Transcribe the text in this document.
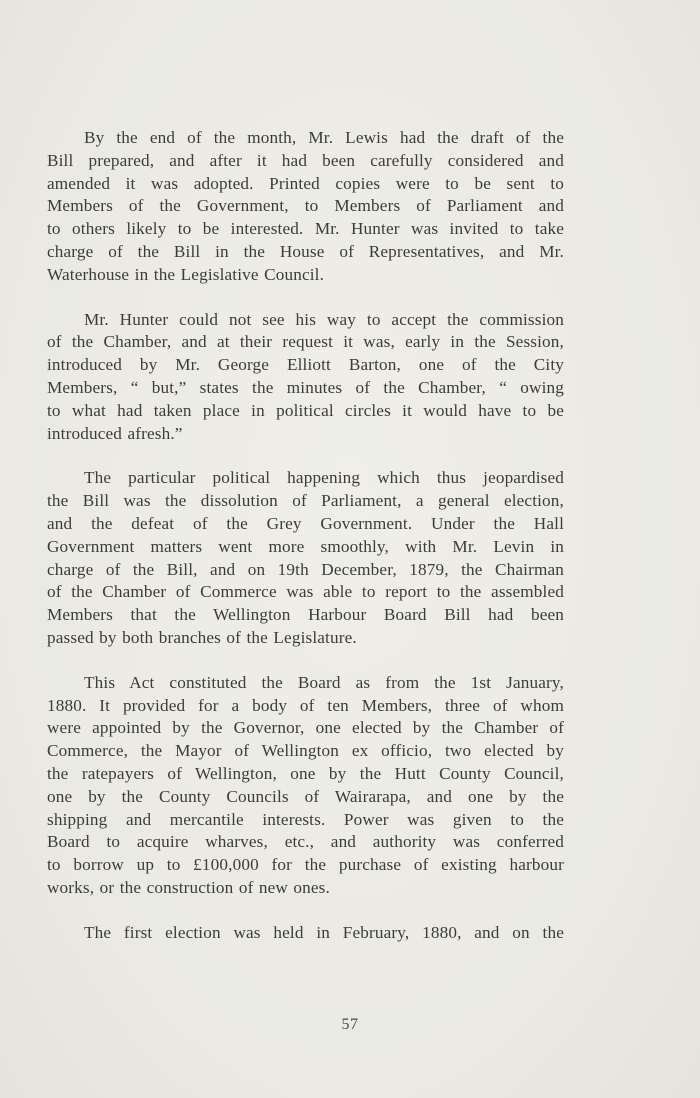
By the end of the month, Mr. Lewis had the draft of the
Bill prepared, and after it had been carefully considered and
amended it was adopted. Printed copies were to be sent to
Members of the Government, to Members of Parliament and
to others likely to be interested. Mr. Hunter was invited to take
charge of the Bill in the House of Representatives, and Mr.
Waterhouse in the Legislative Council.

Mr. Hunter could not see his way to accept the commission
of the Chamber, and at their request it was, early in the Session,
introduced by Mr. George Elliott Barton, one of the City
Members, “ but,” states the minutes of the Chamber, “ owing
to what had taken place in political circles it would have to be
introduced afresh.”

The particular political happening which thus jeopardised
the Bill was the dissolution of Parliament, a general election,
and the defeat of the Grey Government. Under the Hall
Government matters went more smoothly, with Mr. Levin in
charge of the Bill, and on 19th December, 1879, the Chairman
of the Chamber of Commerce was able to report to the assembled
Members that the Wellington Harbour Board Bill had been
passed by both branches of the Legislature.

This Act constituted the Board as from the 1st January,
1880. It provided for a body of ten Members, three of whom
were appointed by the Governor, one elected by the Chamber of
Commerce, the Mayor of Wellington ex officio, two elected by
the ratepayers of Wellington, one by the Hutt County Council,
one by the County Councils of Wairarapa, and one by the
shipping and mercantile interests. Power was given to the
Board to acquire wharves, etc., and authority was conferred
to borrow up to £100,000 for the purchase of existing harbour
works, or the construction of new ones.

The first election was held in February, 1880, and on the

57
